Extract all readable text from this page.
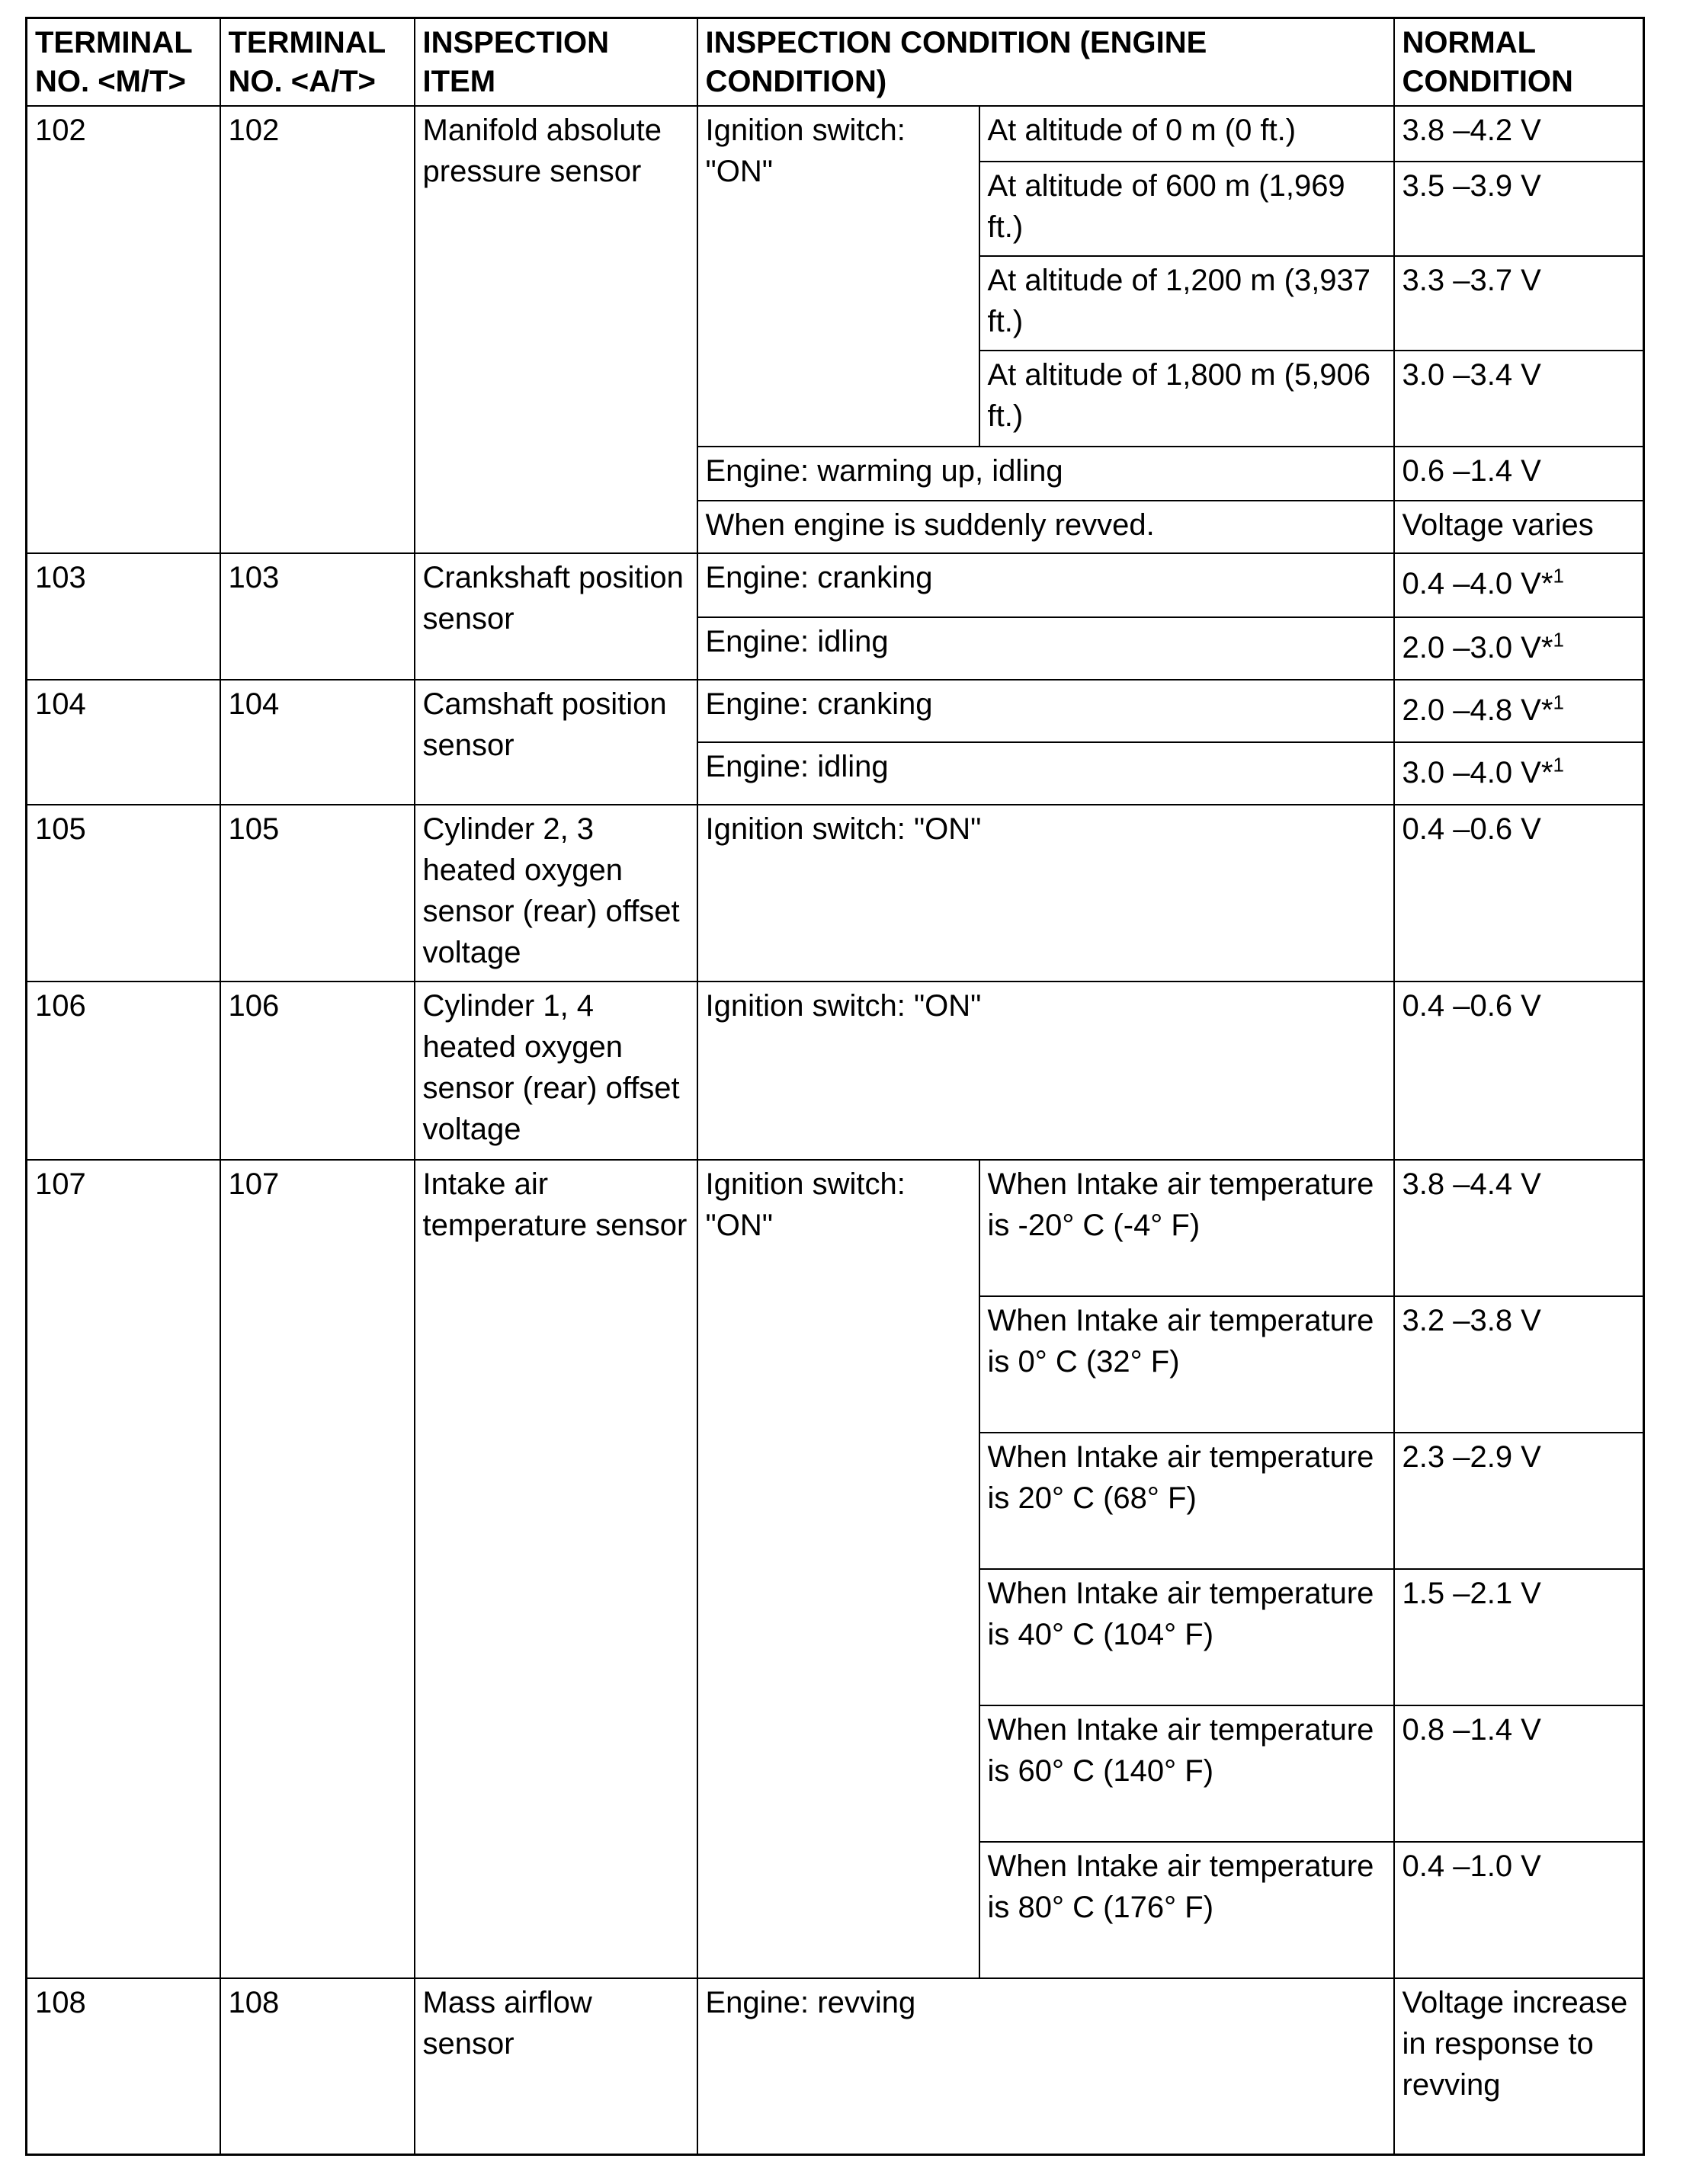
TERMINAL NO. <M/T>	TERMINAL NO. <A/T>	INSPECTION ITEM	INSPECTION CONDITION (ENGINE CONDITION)		NORMAL CONDITION
102	102	Manifold absolute pressure sensor	Ignition switch: "ON"	At altitude of 0 m (0 ft.)	3.8 –4.2 V
				At altitude of 600 m (1,969 ft.)	3.5 –3.9 V
				At altitude of 1,200 m (3,937 ft.)	3.3 –3.7 V
				At altitude of 1,800 m (5,906 ft.)	3.0 –3.4 V
			Engine: warming up, idling		0.6 –1.4 V
			When engine is suddenly revved.		Voltage varies
103	103	Crankshaft position sensor	Engine: cranking		0.4 –4.0 V*$^1$
			Engine: idling		2.0 –3.0 V*$^1$
104	104	Camshaft position sensor	Engine: cranking		2.0 –4.8 V*$^1$
			Engine: idling		3.0 –4.0 V*$^1$
105	105	Cylinder 2, 3 heated oxygen sensor (rear) offset voltage	Ignition switch: "ON"		0.4 –0.6 V
106	106	Cylinder 1, 4 heated oxygen sensor (rear) offset voltage	Ignition switch: "ON"		0.4 –0.6 V
107	107	Intake air temperature sensor	Ignition switch: "ON"	When Intake air temperature is -20° C (-4° F)	3.8 –4.4 V
				When Intake air temperature is 0° C (32° F)	3.2 –3.8 V
				When Intake air temperature is 20° C (68° F)	2.3 –2.9 V
				When Intake air temperature is 40° C (104° F)	1.5 –2.1 V
				When Intake air temperature is 60° C (140° F)	0.8 –1.4 V
				When Intake air temperature is 80° C (176° F)	0.4 –1.0 V
108	108	Mass airflow sensor	Engine: revving		Voltage increase in response to revving
